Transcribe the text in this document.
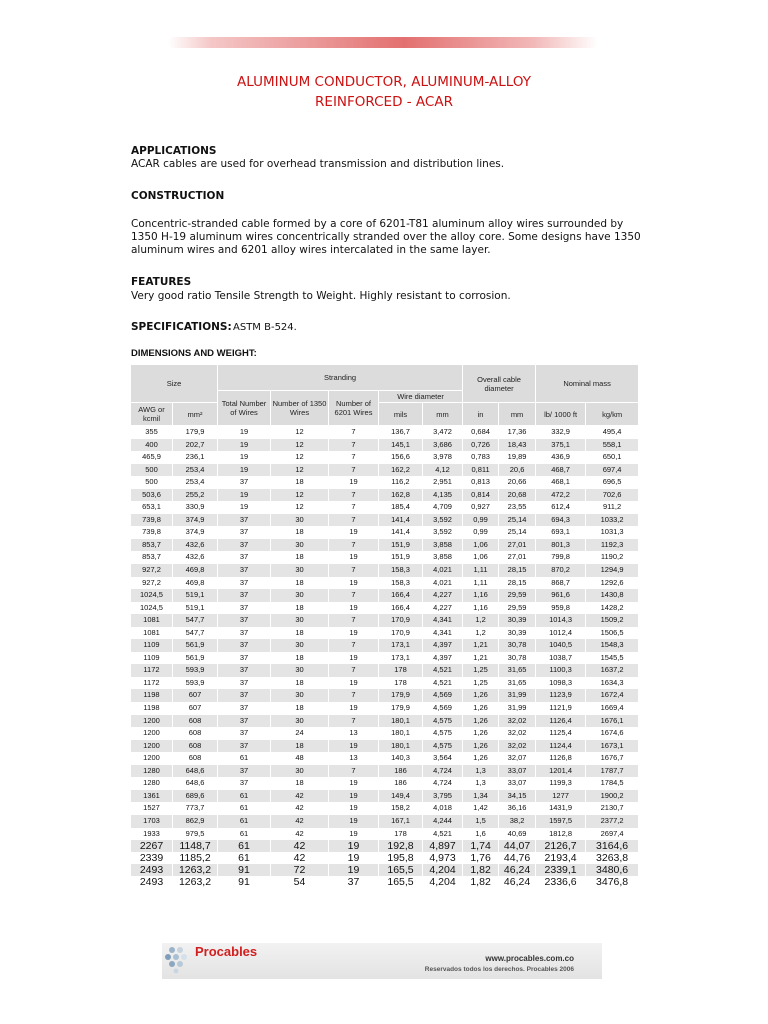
ALUMINUM CONDUCTOR, ALUMINUM-ALLOY
REINFORCED - ACAR
APPLICATIONS
ACAR cables are used for overhead transmission and distribution lines.
CONSTRUCTION
Concentric-stranded cable formed by a core of 6201-T81 aluminum alloy wires surrounded by 1350 H-19 aluminum wires concentrically stranded over the alloy core. Some designs have 1350 aluminum wires and 6201 alloy wires intercalated in the same layer.
FEATURES
Very good ratio Tensile Strength to Weight. Highly resistant to corrosion.
SPECIFICATIONS: ASTM B-524.
DIMENSIONS AND WEIGHT:
Size		Stranding					Overall cable diameter		Nominal mass	
		Total Number of Wires	Number of 1350 Wires	Number of 6201 Wires	Wire diameter					
AWG or kcmil	mm²				mils	mm	in	mm	lb/ 1000 ft	kg/km
355	179,9	19	12	7	136,7	3,472	0,684	17,36	332,9	495,4
400	202,7	19	12	7	145,1	3,686	0,726	18,43	375,1	558,1
465,9	236,1	19	12	7	156,6	3,978	0,783	19,89	436,9	650,1
500	253,4	19	12	7	162,2	4,12	0,811	20,6	468,7	697,4
500	253,4	37	18	19	116,2	2,951	0,813	20,66	468,1	696,5
503,6	255,2	19	12	7	162,8	4,135	0,814	20,68	472,2	702,6
653,1	330,9	19	12	7	185,4	4,709	0,927	23,55	612,4	911,2
739,8	374,9	37	30	7	141,4	3,592	0,99	25,14	694,3	1033,2
739,8	374,9	37	18	19	141,4	3,592	0,99	25,14	693,1	1031,3
853,7	432,6	37	30	7	151,9	3,858	1,06	27,01	801,3	1192,3
853,7	432,6	37	18	19	151,9	3,858	1,06	27,01	799,8	1190,2
927,2	469,8	37	30	7	158,3	4,021	1,11	28,15	870,2	1294,9
927,2	469,8	37	18	19	158,3	4,021	1,11	28,15	868,7	1292,6
1024,5	519,1	37	30	7	166,4	4,227	1,16	29,59	961,6	1430,8
1024,5	519,1	37	18	19	166,4	4,227	1,16	29,59	959,8	1428,2
1081	547,7	37	30	7	170,9	4,341	1,2	30,39	1014,3	1509,2
1081	547,7	37	18	19	170,9	4,341	1,2	30,39	1012,4	1506,5
1109	561,9	37	30	7	173,1	4,397	1,21	30,78	1040,5	1548,3
1109	561,9	37	18	19	173,1	4,397	1,21	30,78	1038,7	1545,5
1172	593,9	37	30	7	178	4,521	1,25	31,65	1100,3	1637,2
1172	593,9	37	18	19	178	4,521	1,25	31,65	1098,3	1634,3
1198	607	37	30	7	179,9	4,569	1,26	31,99	1123,9	1672,4
1198	607	37	18	19	179,9	4,569	1,26	31,99	1121,9	1669,4
1200	608	37	30	7	180,1	4,575	1,26	32,02	1126,4	1676,1
1200	608	37	24	13	180,1	4,575	1,26	32,02	1125,4	1674,6
1200	608	37	18	19	180,1	4,575	1,26	32,02	1124,4	1673,1
1200	608	61	48	13	140,3	3,564	1,26	32,07	1126,8	1676,7
1280	648,6	37	30	7	186	4,724	1,3	33,07	1201,4	1787,7
1280	648,6	37	18	19	186	4,724	1,3	33,07	1199,3	1784,5
1361	689,6	61	42	19	149,4	3,795	1,34	34,15	1277	1900,2
1527	773,7	61	42	19	158,2	4,018	1,42	36,16	1431,9	2130,7
1703	862,9	61	42	19	167,1	4,244	1,5	38,2	1597,5	2377,2
1933	979,5	61	42	19	178	4,521	1,6	40,69	1812,8	2697,4
2267	1148,7	61	42	19	192,8	4,897	1,74	44,07	2126,7	3164,6
2339	1185,2	61	42	19	195,8	4,973	1,76	44,76	2193,4	3263,8
2493	1263,2	91	72	19	165,5	4,204	1,82	46,24	2339,1	3480,6
2493	1263,2	91	54	37	165,5	4,204	1,82	46,24	2336,6	3476,8
Procables	www.procables.com.co
Reservados todos los derechos. Procables 2006
